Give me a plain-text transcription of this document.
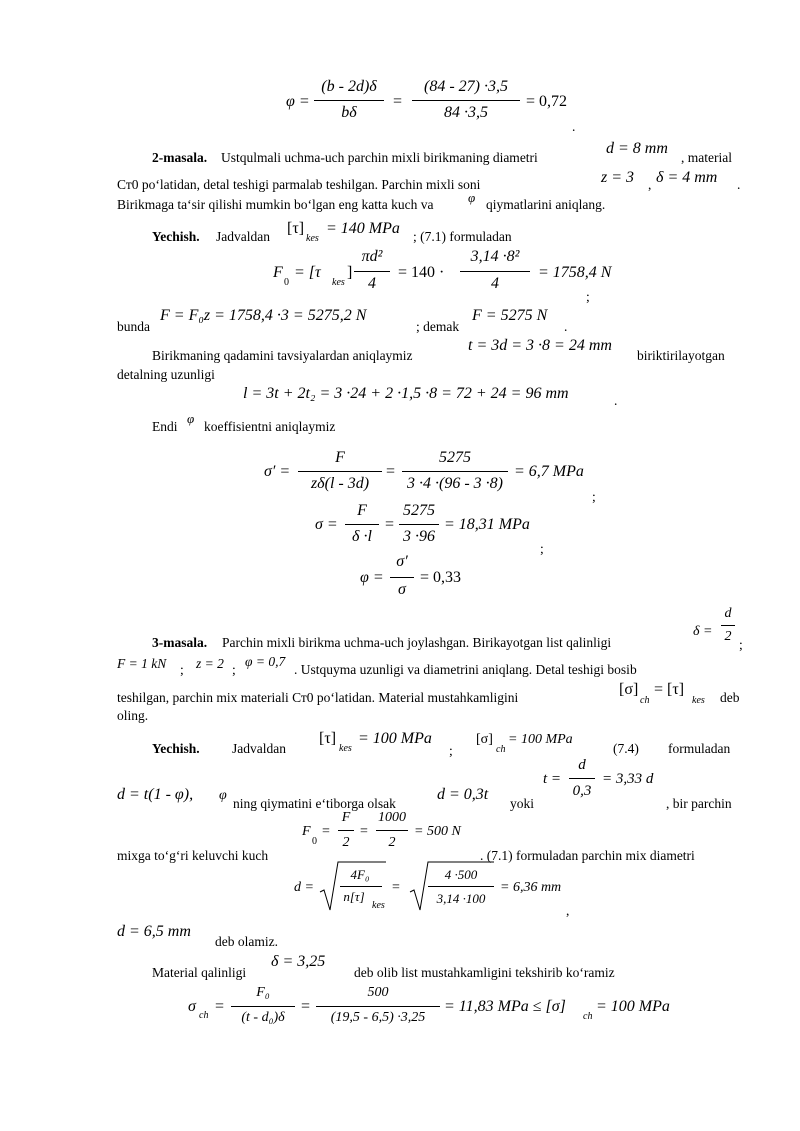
φ =
(b - 2d)δ
bδ
=
(84 - 27) ·3,5
84 ·3,5
= 0,72
.
2-masala. Ustqulmali uchma-uch parchin mixli birikmaning diametri
d = 8 mm
, material
Ст0 po‘latidan, detal teshigi parmalab teshilgan. Parchin mixli soni	z = 3 , δ = 4 mm .
Birikmaga ta‘sir qilishi mumkin bo‘lgan eng katta kuch va	φ qiymatlarini aniqlang.
Yechish. Jadvaldan [τ]
kes
= 140 MPa ; (7.1) formuladan
F
0
= [τ
kes
]
πd²
4
= 140 ·
3,14 ·8²
4
= 1758,4 N
;
bunda
F = F₀z = 1758,4 ·3 = 5275,2 N
; demak
F = 5275 N
.
Birikmaning qadamini tavsiyalardan aniqlaymiz
t = 3d = 3 ·8 = 24 mm
biriktirilayotgan
detalning uzunligi
l = 3t + 2t₂ = 3 ·24 + 2 ·1,5 ·8 = 72 + 24 = 96 mm	.
Endi
φ
koeffisientni aniqlaymiz
σ′ =
F
zδ(l - 3d)
=
5275
3 ·4 ·(96 - 3 ·8)
= 6,7 MPa
;
σ =
F
δ ·l
=
5275
3 ·96
= 18,31 MPa
;
φ =
σ′
σ
= 0,33
3-masala. Parchin mixli birikma uchma-uch joylashgan. Birikayotgan list qalinligi
δ =
d
2
;
F = 1 kN ; z = 2 ;
φ = 0,7
. Ustquyma uzunligi va diametrini aniqlang. Detal teshigi bosib
teshilgan, parchin mix materiali Ст0 po‘latidan. Material mustahkamligini	[σ]
ch
= [τ]
kes deb
oling.
Yechish. Jadvaldan
[τ]
kes
= 100 MPa
;
[σ]
ch
= 100 MPa
(7.4) formuladan
d = t(1 - φ), φ
ning qiymatini e‘tiborga olsak
d = 0,3t
yoki
t =
d
0,3
= 3,33 d
, bir parchin
F
0
=
F
2
=
1000
2
= 500 N
mixga to‘g‘ri keluvchi kuch	. (7.1) formuladan parchin mix diametri
d =
4F₀
n[τ]
kes
=
4 ·500
3,14 ·100
= 6,36 mm
,
d = 6,5 mm
deb olamiz.
Material qalinligi
δ = 3,25
deb olib list mustahkamligini tekshirib ko‘ramiz
σ
ch
=
F₀
(t - d₀)δ
=
500
(19,5 - 6,5) ·3,25
= 11,83 MPa ≤ [σ]
ch
= 100 MPa
